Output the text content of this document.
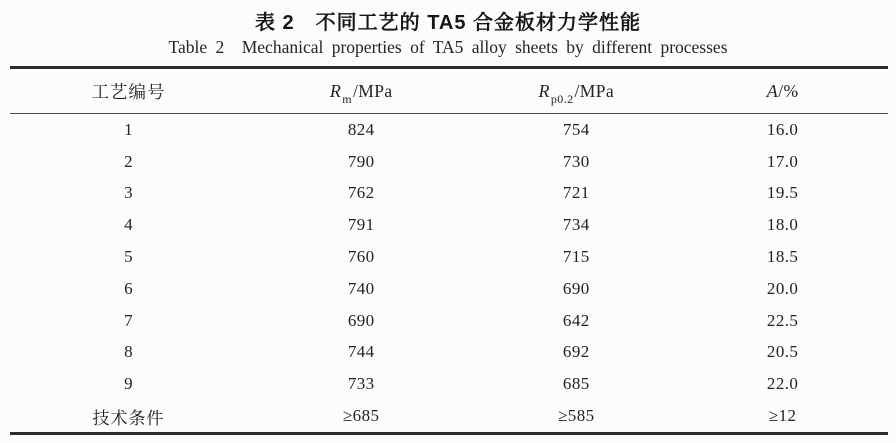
表 2　不同工艺的 TA5 合金板材力学性能
Table 2　Mechanical properties of TA5 alloy sheets by different processes
工艺编号	R m /MPa	R p0.2 /MPa	A /%
1	824	754	16.0
2	790	730	17.0
3	762	721	19.5
4	791	734	18.0
5	760	715	18.5
6	740	690	20.0
7	690	642	22.5
8	744	692	20.5
9	733	685	22.0
技术条件	≥685	≥585	≥12
